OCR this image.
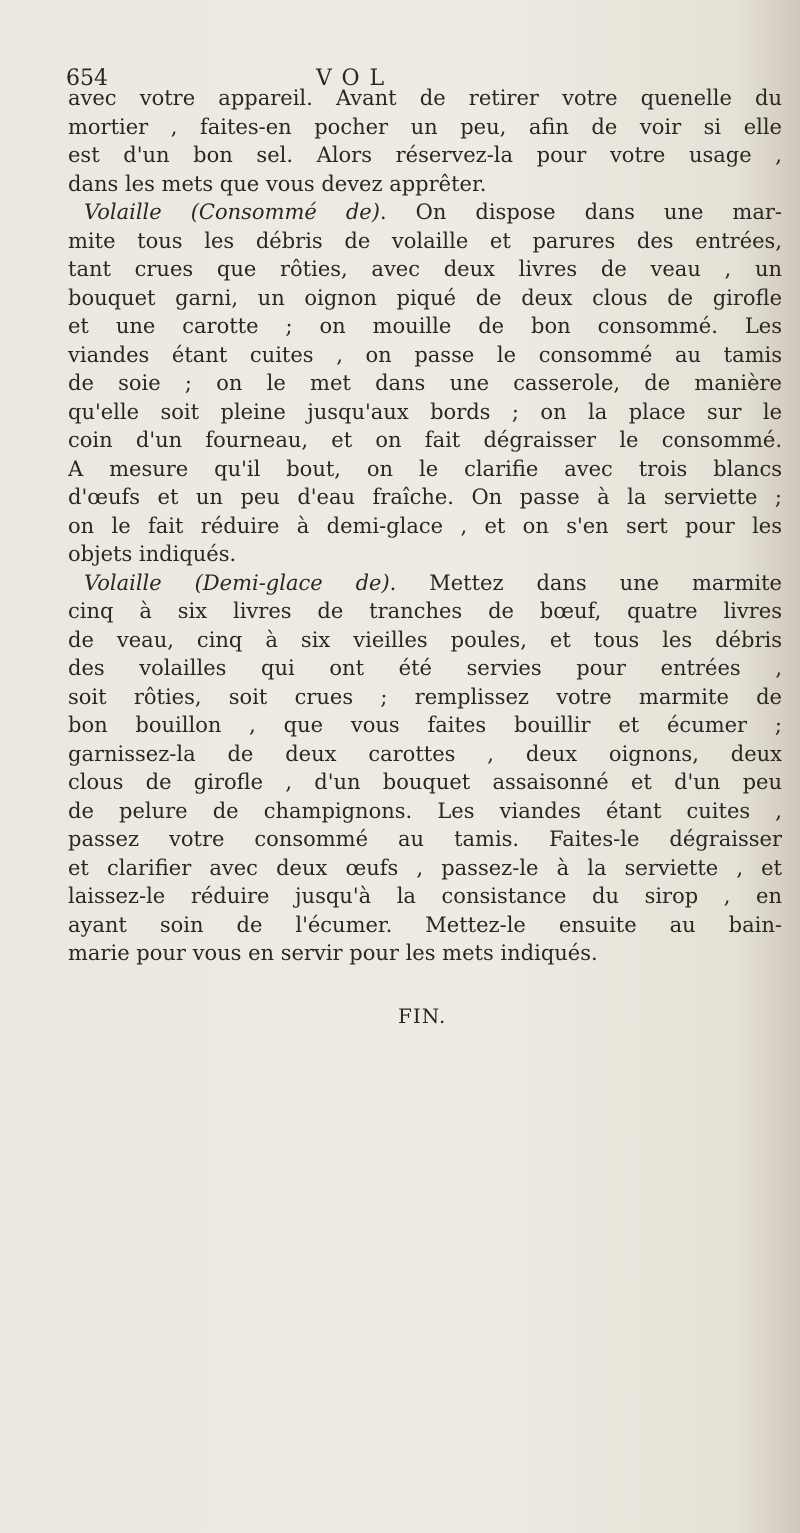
654	VOL
avec votre appareil. Avant de retirer votre quenelle du
mortier , faites-en pocher un peu, afin de voir si elle
est d'un bon sel. Alors réservez-la pour votre usage ,
dans les mets que vous devez apprêter.
Volaille (Consommé de). On dispose dans une mar-
mite tous les débris de volaille et parures des entrées,
tant crues que rôties, avec deux livres de veau , un
bouquet garni, un oignon piqué de deux clous de girofle
et une carotte ; on mouille de bon consommé. Les
viandes étant cuites , on passe le consommé au tamis
de soie ; on le met dans une casserole, de manière
qu'elle soit pleine jusqu'aux bords ; on la place sur le
coin d'un fourneau, et on fait dégraisser le consommé.
A mesure qu'il bout, on le clarifie avec trois blancs
d'œufs et un peu d'eau fraîche. On passe à la serviette ;
on le fait réduire à demi-glace , et on s'en sert pour les
objets indiqués.
Volaille (Demi-glace de). Mettez dans une marmite
cinq à six livres de tranches de bœuf, quatre livres
de veau, cinq à six vieilles poules, et tous les débris
des volailles qui ont été servies pour entrées ,
soit rôties, soit crues ; remplissez votre marmite de
bon bouillon , que vous faites bouillir et écumer ;
garnissez-la de deux carottes , deux oignons, deux
clous de girofle , d'un bouquet assaisonné et d'un peu
de pelure de champignons. Les viandes étant cuites ,
passez votre consommé au tamis. Faites-le dégraisser
et clarifier avec deux œufs , passez-le à la serviette , et
laissez-le réduire jusqu'à la consistance du sirop , en
ayant soin de l'écumer. Mettez-le ensuite au bain-
marie pour vous en servir pour les mets indiqués.
FIN.
